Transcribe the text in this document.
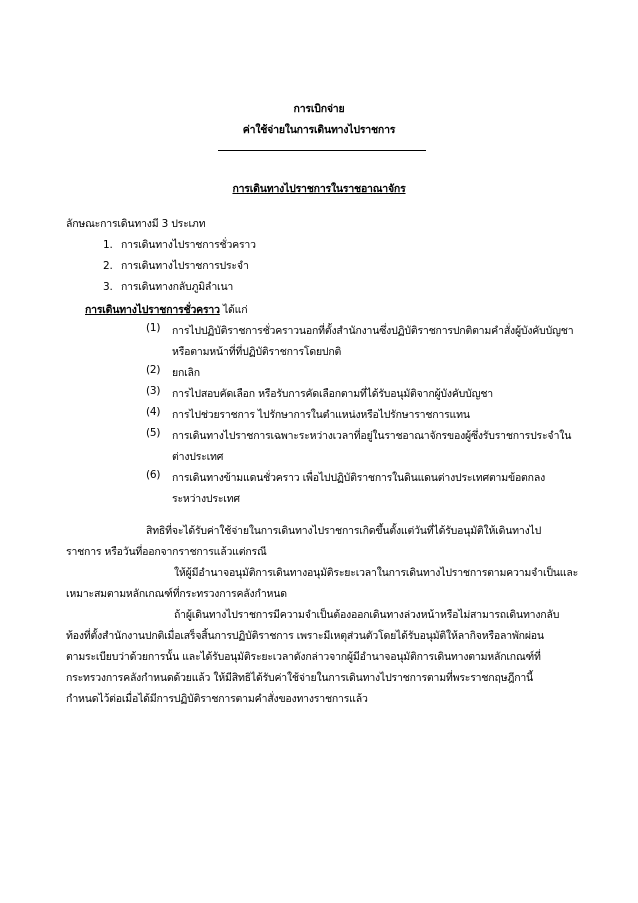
การเบิกจ่าย
ค่าใช้จ่ายในการเดินทางไปราชการ
การเดินทางไปราชการในราชอาณาจักร
ลักษณะการเดินทางมี 3 ประเภท
1. การเดินทางไปราชการชั่วคราว
2. การเดินทางไปราชการประจำ
3. การเดินทางกลับภูมิลำเนา
การเดินทางไปราชการชั่วคราว ได้แก่
(1) การไปปฏิบัติราชการชั่วคราวนอกที่ตั้งสำนักงานซึ่งปฏิบัติราชการปกติตามคำสั่งผู้บังคับบัญชา
หรือตามหน้าที่ที่ปฏิบัติราชการโดยปกติ
(2) ยกเลิก
(3) การไปสอบคัดเลือก หรือรับการคัดเลือกตามที่ได้รับอนุมัติจากผู้บังคับบัญชา
(4) การไปช่วยราชการ ไปรักษาการในตำแหน่งหรือไปรักษาราชการแทน
(5) การเดินทางไปราชการเฉพาะระหว่างเวลาที่อยู่ในราชอาณาจักรของผู้ซึ่งรับราชการประจำใน
ต่างประเทศ
(6) การเดินทางข้ามแดนชั่วคราว เพื่อไปปฏิบัติราชการในดินแดนต่างประเทศตามข้อตกลง
ระหว่างประเทศ
สิทธิที่จะได้รับค่าใช้จ่ายในการเดินทางไปราชการเกิดขึ้นตั้งแต่วันที่ได้รับอนุมัติให้เดินทางไป
ราชการ หรือวันที่ออกจากราชการแล้วแต่กรณี
ให้ผู้มีอำนาจอนุมัติการเดินทางอนุมัติระยะเวลาในการเดินทางไปราชการตามความจำเป็นและ
เหมาะสมตามหลักเกณฑ์ที่กระทรวงการคลังกำหนด
ถ้าผู้เดินทางไปราชการมีความจำเป็นต้องออกเดินทางล่วงหน้าหรือไม่สามารถเดินทางกลับ
ท้องที่ตั้งสำนักงานปกติเมื่อเสร็จสิ้นการปฏิบัติราชการ เพราะมีเหตุส่วนตัวโดยได้รับอนุมัติให้ลากิจหรือลาพักผ่อน
ตามระเบียบว่าด้วยการนั้น และได้รับอนุมัติระยะเวลาดังกล่าวจากผู้มีอำนาจอนุมัติการเดินทางตามหลักเกณฑ์ที่
กระทรวงการคลังกำหนดด้วยแล้ว ให้มีสิทธิได้รับค่าใช้จ่ายในการเดินทางไปราชการตามที่พระราชกฤษฎีกานี้
กำหนดไว้ต่อเมื่อได้มีการปฏิบัติราชการตามคำสั่งของทางราชการแล้ว
